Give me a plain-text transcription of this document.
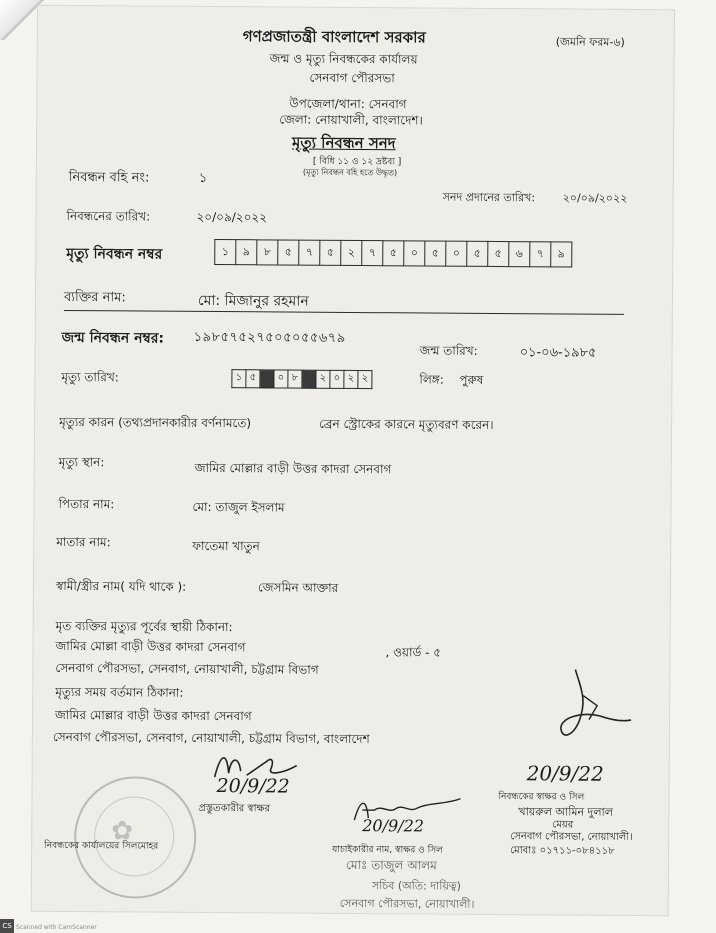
গণপ্রজাতন্ত্রী বাংলাদেশ সরকার	(জমনি ফরম-৬)
জন্ম ও মৃত্যু নিবন্ধকের কার্যালয়
সেনবাগ পৌরসভা
উপজেলা/থানা: সেনবাগ
জেলা: নোয়াখালী, বাংলাদেশ।
মৃত্যু নিবন্ধন সনদ
[ বিধি ১১ ও ১২ দ্রষ্টব্য ]
(মৃত্যু নিবন্ধন বহি হতে উদ্ধৃত)
নিবন্ধন বহি নং:	১
সনদ প্রদানের তারিখ:	২০/০৯/২০২২
নিবন্ধনের তারিখ:	২০/০৯/২০২২
মৃত্যু নিবন্ধন নম্বর	১	৯	৮	৫	৭	৫	২	৭	৫	০	৫	০	৫	৫	৬	৭	৯
ব্যক্তির নাম:	মো: মিজানুর রহমান
জন্ম নিবন্ধন নম্বর: ১৯৮৫৭৫২৭৫০৫০৫৫৬৭৯
জন্ম তারিখ:	০১-০৬-১৯৮৫
মৃত্যু তারিখ:	১	৫		০	৮		২	০	২	২	লিঙ্গ: পুরুষ
মৃত্যুর কারন (তথ্যপ্রদানকারীর বর্ণনামতে)	ব্রেন স্ট্রোকের কারনে মৃত্যুবরণ করেন।
মৃত্যু স্থান:	জামির মোল্লার বাড়ী উত্তর কাদরা সেনবাগ
পিতার নাম:	মো: তাজুল ইসলাম
মাতার নাম:	ফাতেমা খাতুন
স্বামী/স্ত্রীর নাম( যদি থাকে ):	জেসমিন আক্তার
মৃত ব্যক্তির মৃত্যুর পূর্বের স্থায়ী ঠিকানা:
জামির মোল্লা বাড়ী উত্তর কাদরা সেনবাগ	, ওয়ার্ড - ৫
সেনবাগ পৌরসভা, সেনবাগ, নোয়াখালী, চট্টগ্রাম বিভাগ
মৃত্যুর সময় বর্তমান ঠিকানা:
জামির মোল্লার বাড়ী উত্তর কাদরা সেনবাগ
সেনবাগ পৌরসভা, সেনবাগ, নোয়াখালী, চট্টগ্রাম বিভাগ, বাংলাদেশ
20/9/22
প্রস্তুতকারীর স্বাক্ষর
20/9/22
নিবন্ধকের স্বাক্ষর ও সিল
খায়রুল আমিন দুলাল
মেয়র
সেনবাগ পৌরসভা, নোয়াখালী।
মোবাঃ ০১৭১১-০৮৪১১৮
20/9/22
যাচাইকারীর নাম, স্বাক্ষর ও সিল
✿
নিবন্ধকের কার্যালয়ের সিলমোহর
মোঃ তাজুল আলম
সচিব (অতি: দায়িত্ব)
সেনবাগ পৌরসভা, নোয়াখালী।
CS Scanned with CamScanner
